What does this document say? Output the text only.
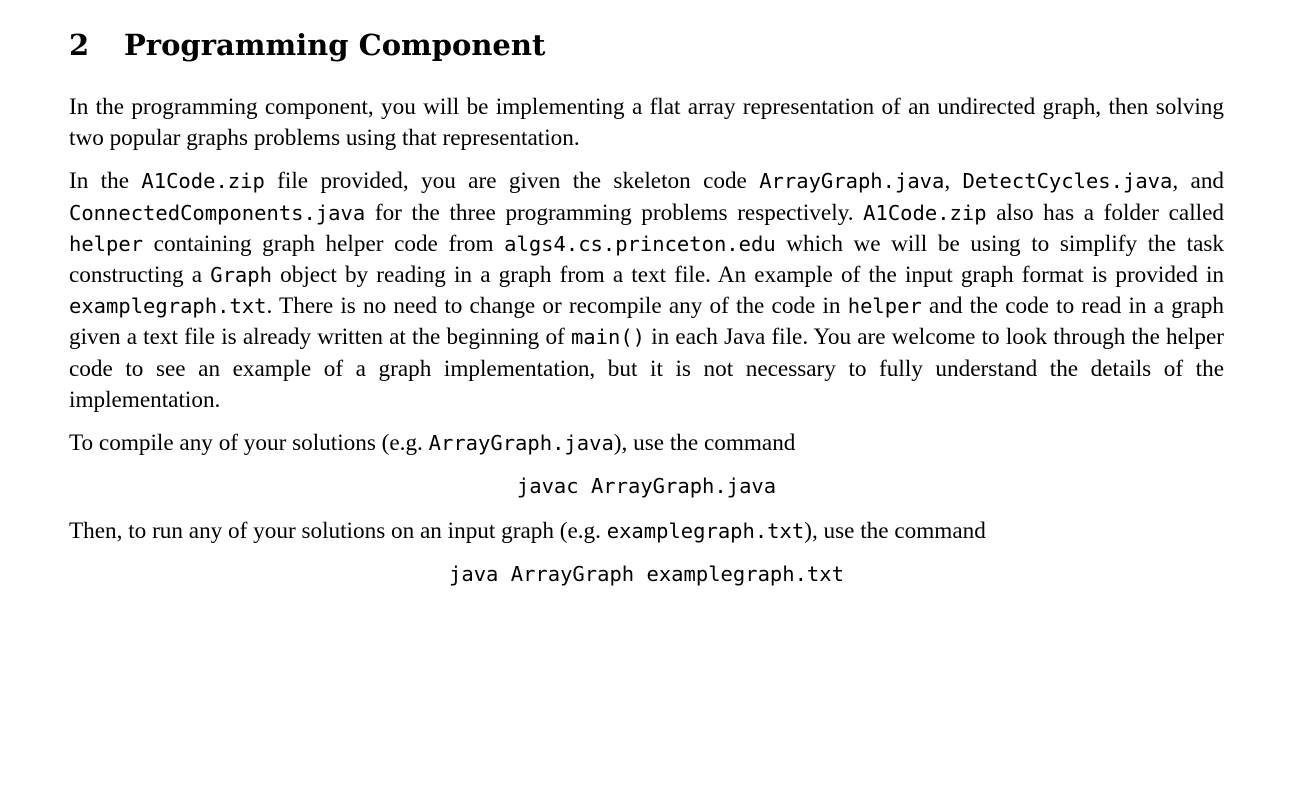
2 Programming Component

In the programming component, you will be implementing a flat array representation of an undirected graph, then solving two popular graphs problems using that representation.

In the A1Code.zip file provided, you are given the skeleton code ArrayGraph.java, DetectCycles.java, and ConnectedComponents.java for the three programming problems respectively. A1Code.zip also has a folder called helper containing graph helper code from algs4.cs.princeton.edu which we will be using to simplify the task constructing a Graph object by reading in a graph from a text file. An example of the input graph format is provided in examplegraph.txt. There is no need to change or recompile any of the code in helper and the code to read in a graph given a text file is already written at the beginning of main() in each Java file. You are welcome to look through the helper code to see an example of a graph implementation, but it is not necessary to fully understand the details of the implementation.

To compile any of your solutions (e.g. ArrayGraph.java), use the command

javac ArrayGraph.java

Then, to run any of your solutions on an input graph (e.g. examplegraph.txt), use the command

java ArrayGraph examplegraph.txt
